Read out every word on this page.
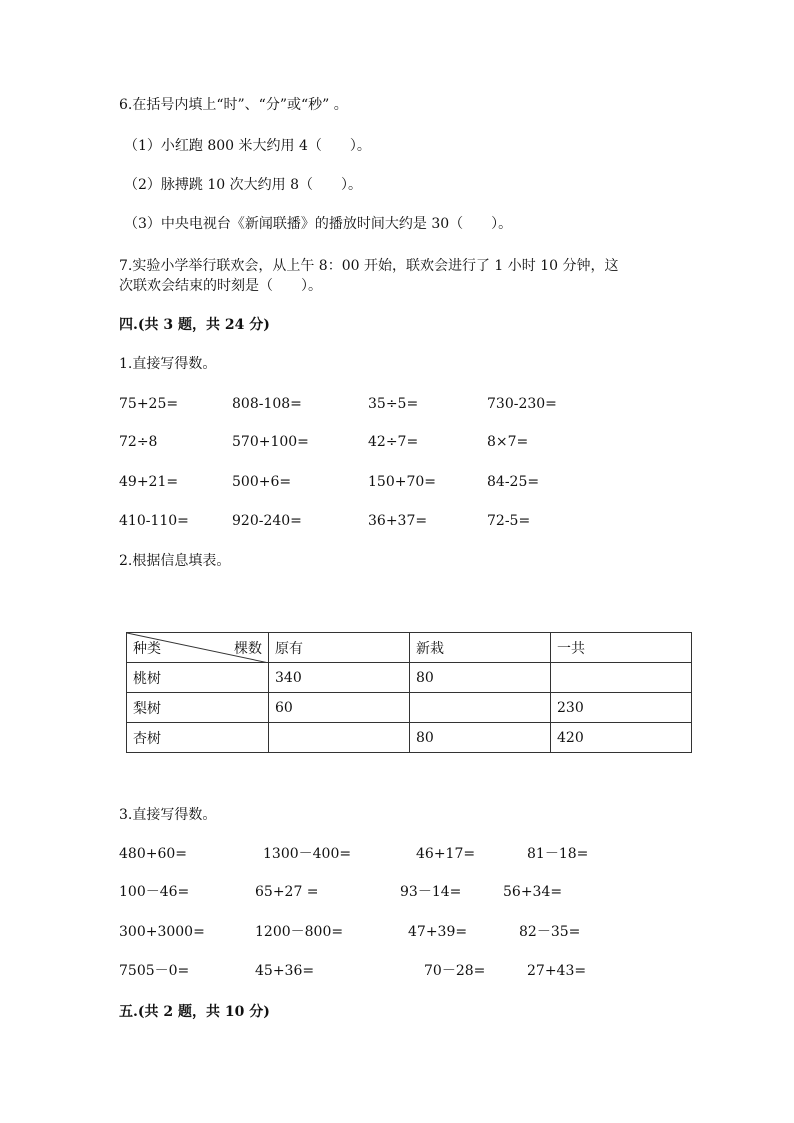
6.在括号内填上“时”、“分”或“秒” 。
（1）小红跑 800 米大约用 4（　　）。
（2）脉搏跳 10 次大约用 8（　　）。
（3）中央电视台《新闻联播》的播放时间大约是 30（　　）。
7.实验小学举行联欢会，从上午 8：00 开始，联欢会进行了 1 小时 10 分钟，这
次联欢会结束的时刻是（　　）。
四.(共 3 题，共 24 分)
1.直接写得数。
75+25=	808-108=	35÷5=	730-230=
72÷8	570+100=	42÷7=	8×7=
49+21=	500+6=	150+70=	84-25=
410-110=	920-240=	36+37=	72-5=
2.根据信息填表。
种类 棵数	原有	新栽	一共
桃树	340	80	
梨树	60		230
杏树		80	420
3.直接写得数。
480+60=	1300－400=	46+17=	81－18=
100－46=	65+27 =	93－14=	56+34=
300+3000=	1200－800=	47+39=	82－35=
7505－0=	45+36=	70－28=	27+43=
五.(共 2 题，共 10 分)
